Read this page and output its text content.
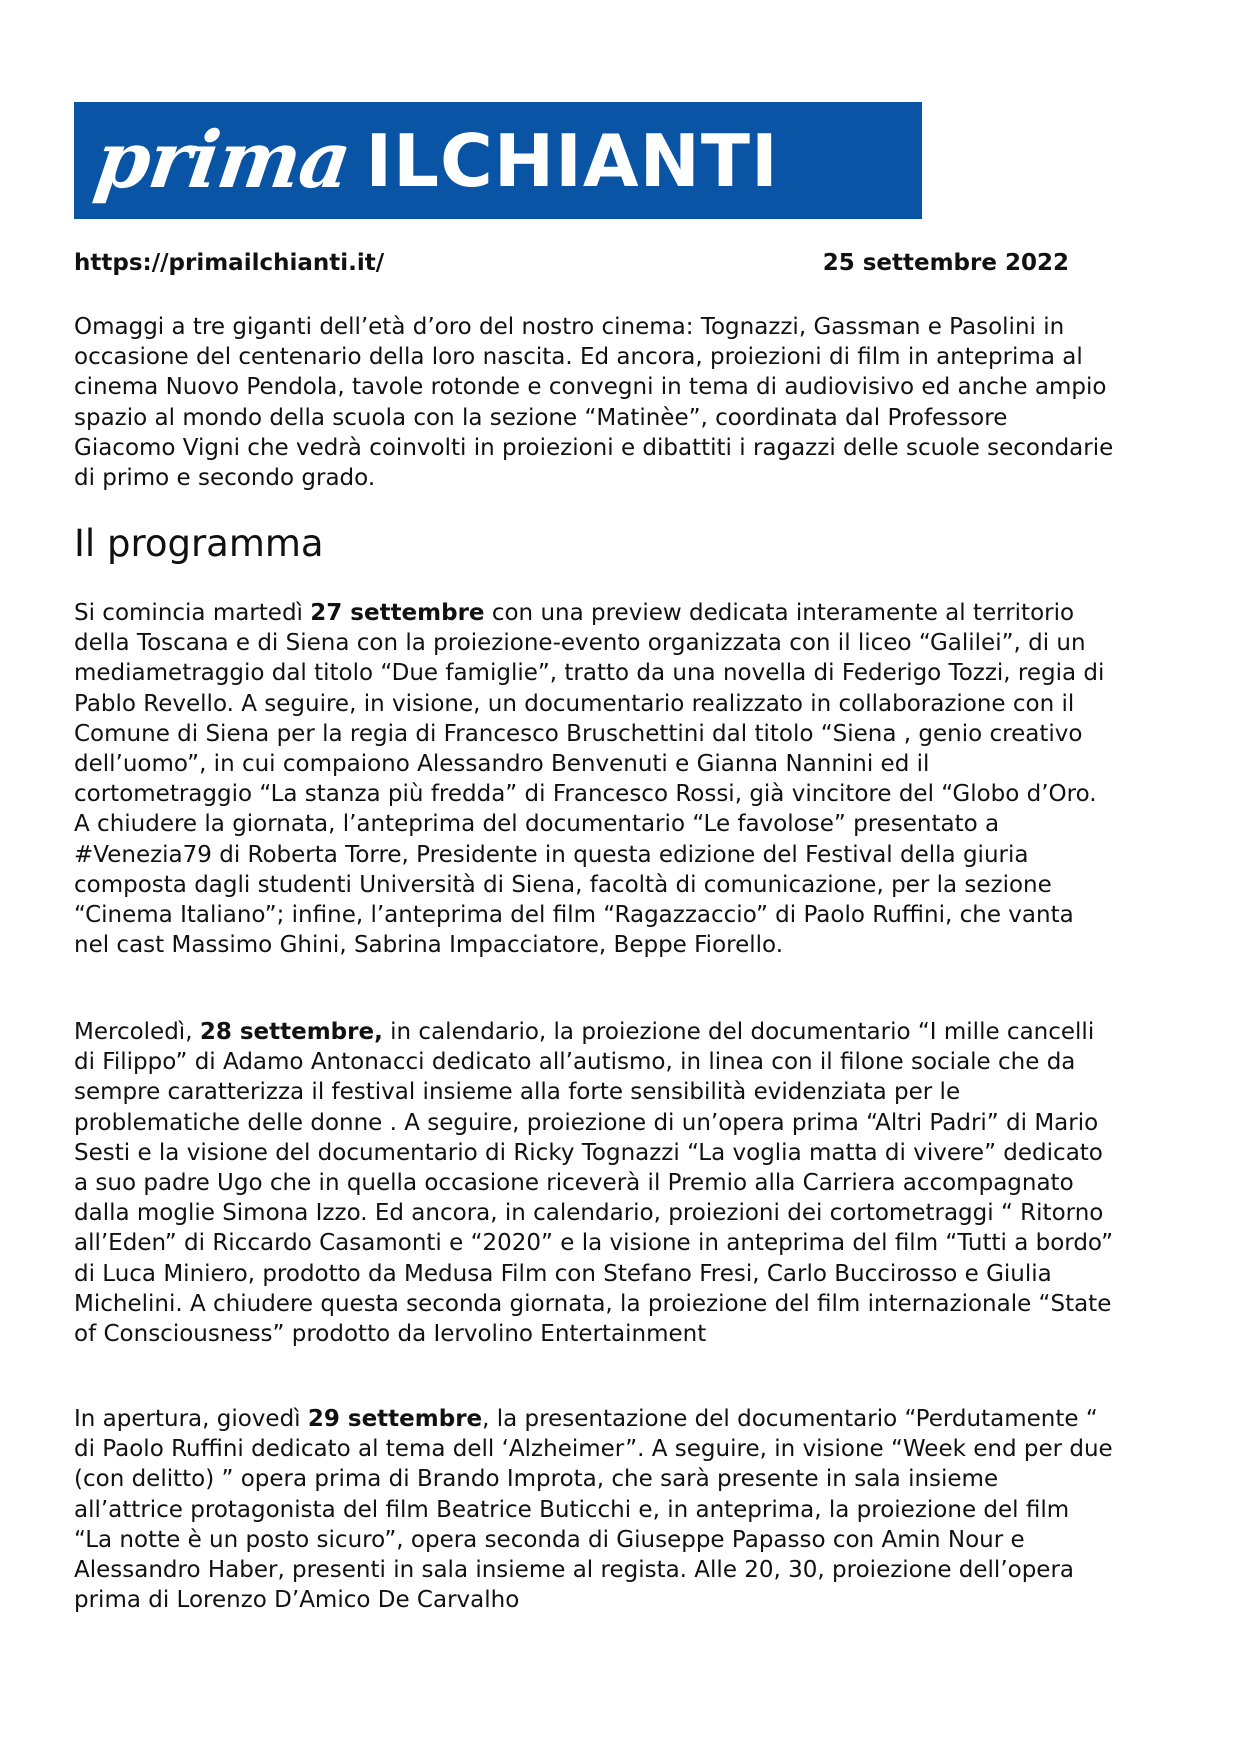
prima ILCHIANTI
https://primailchianti.it/	25 settembre 2022

Omaggi a tre giganti dell’età d’oro del nostro cinema: Tognazzi, Gassman e Pasolini in occasione del centenario della loro nascita. Ed ancora, proiezioni di film in anteprima al cinema Nuovo Pendola, tavole rotonde e convegni in tema di audiovisivo ed anche ampio spazio al mondo della scuola con la sezione “Matinèe”, coordinata dal Professore Giacomo Vigni che vedrà coinvolti in proiezioni e dibattiti i ragazzi delle scuole secondarie di primo e secondo grado.

Il programma

Si comincia martedì 27 settembre con una preview dedicata interamente al territorio della Toscana e di Siena con la proiezione-evento organizzata con il liceo “Galilei”, di un mediametraggio dal titolo “Due famiglie”, tratto da una novella di Federigo Tozzi, regia di Pablo Revello. A seguire, in visione, un documentario realizzato in collaborazione con il Comune di Siena per la regia di Francesco Bruschettini dal titolo “Siena , genio creativo dell’uomo”, in cui compaiono Alessandro Benvenuti e Gianna Nannini ed il cortometraggio “La stanza più fredda” di Francesco Rossi, già vincitore del “Globo d’Oro. A chiudere la giornata, l’anteprima del documentario “Le favolose” presentato a #Venezia79 di Roberta Torre, Presidente in questa edizione del Festival della giuria composta dagli studenti Università di Siena, facoltà di comunicazione, per la sezione “Cinema Italiano”; infine, l’anteprima del film “Ragazzaccio” di Paolo Ruffini, che vanta nel cast Massimo Ghini, Sabrina Impacciatore, Beppe Fiorello.

Mercoledì, 28 settembre, in calendario, la proiezione del documentario “I mille cancelli di Filippo” di Adamo Antonacci dedicato all’autismo, in linea con il filone sociale che da sempre caratterizza il festival insieme alla forte sensibilità evidenziata per le problematiche delle donne . A seguire, proiezione di un’opera prima “Altri Padri” di Mario Sesti e la visione del documentario di Ricky Tognazzi “La voglia matta di vivere” dedicato a suo padre Ugo che in quella occasione riceverà il Premio alla Carriera accompagnato dalla moglie Simona Izzo. Ed ancora, in calendario, proiezioni dei cortometraggi “ Ritorno all’Eden” di Riccardo Casamonti e “2020” e la visione in anteprima del film “Tutti a bordo” di Luca Miniero, prodotto da Medusa Film con Stefano Fresi, Carlo Buccirosso e Giulia Michelini. A chiudere questa seconda giornata, la proiezione del film internazionale “State of Consciousness” prodotto da Iervolino Entertainment

In apertura, giovedì 29 settembre, la presentazione del documentario “Perdutamente “ di Paolo Ruffini dedicato al tema dell ‘Alzheimer”. A seguire, in visione “Week end per due (con delitto) ” opera prima di Brando Improta, che sarà presente in sala insieme all’attrice protagonista del film Beatrice Buticchi e, in anteprima, la proiezione del film “La notte è un posto sicuro”, opera seconda di Giuseppe Papasso con Amin Nour e Alessandro Haber, presenti in sala insieme al regista. Alle 20, 30, proiezione dell’opera prima di Lorenzo D’Amico De Carvalho
